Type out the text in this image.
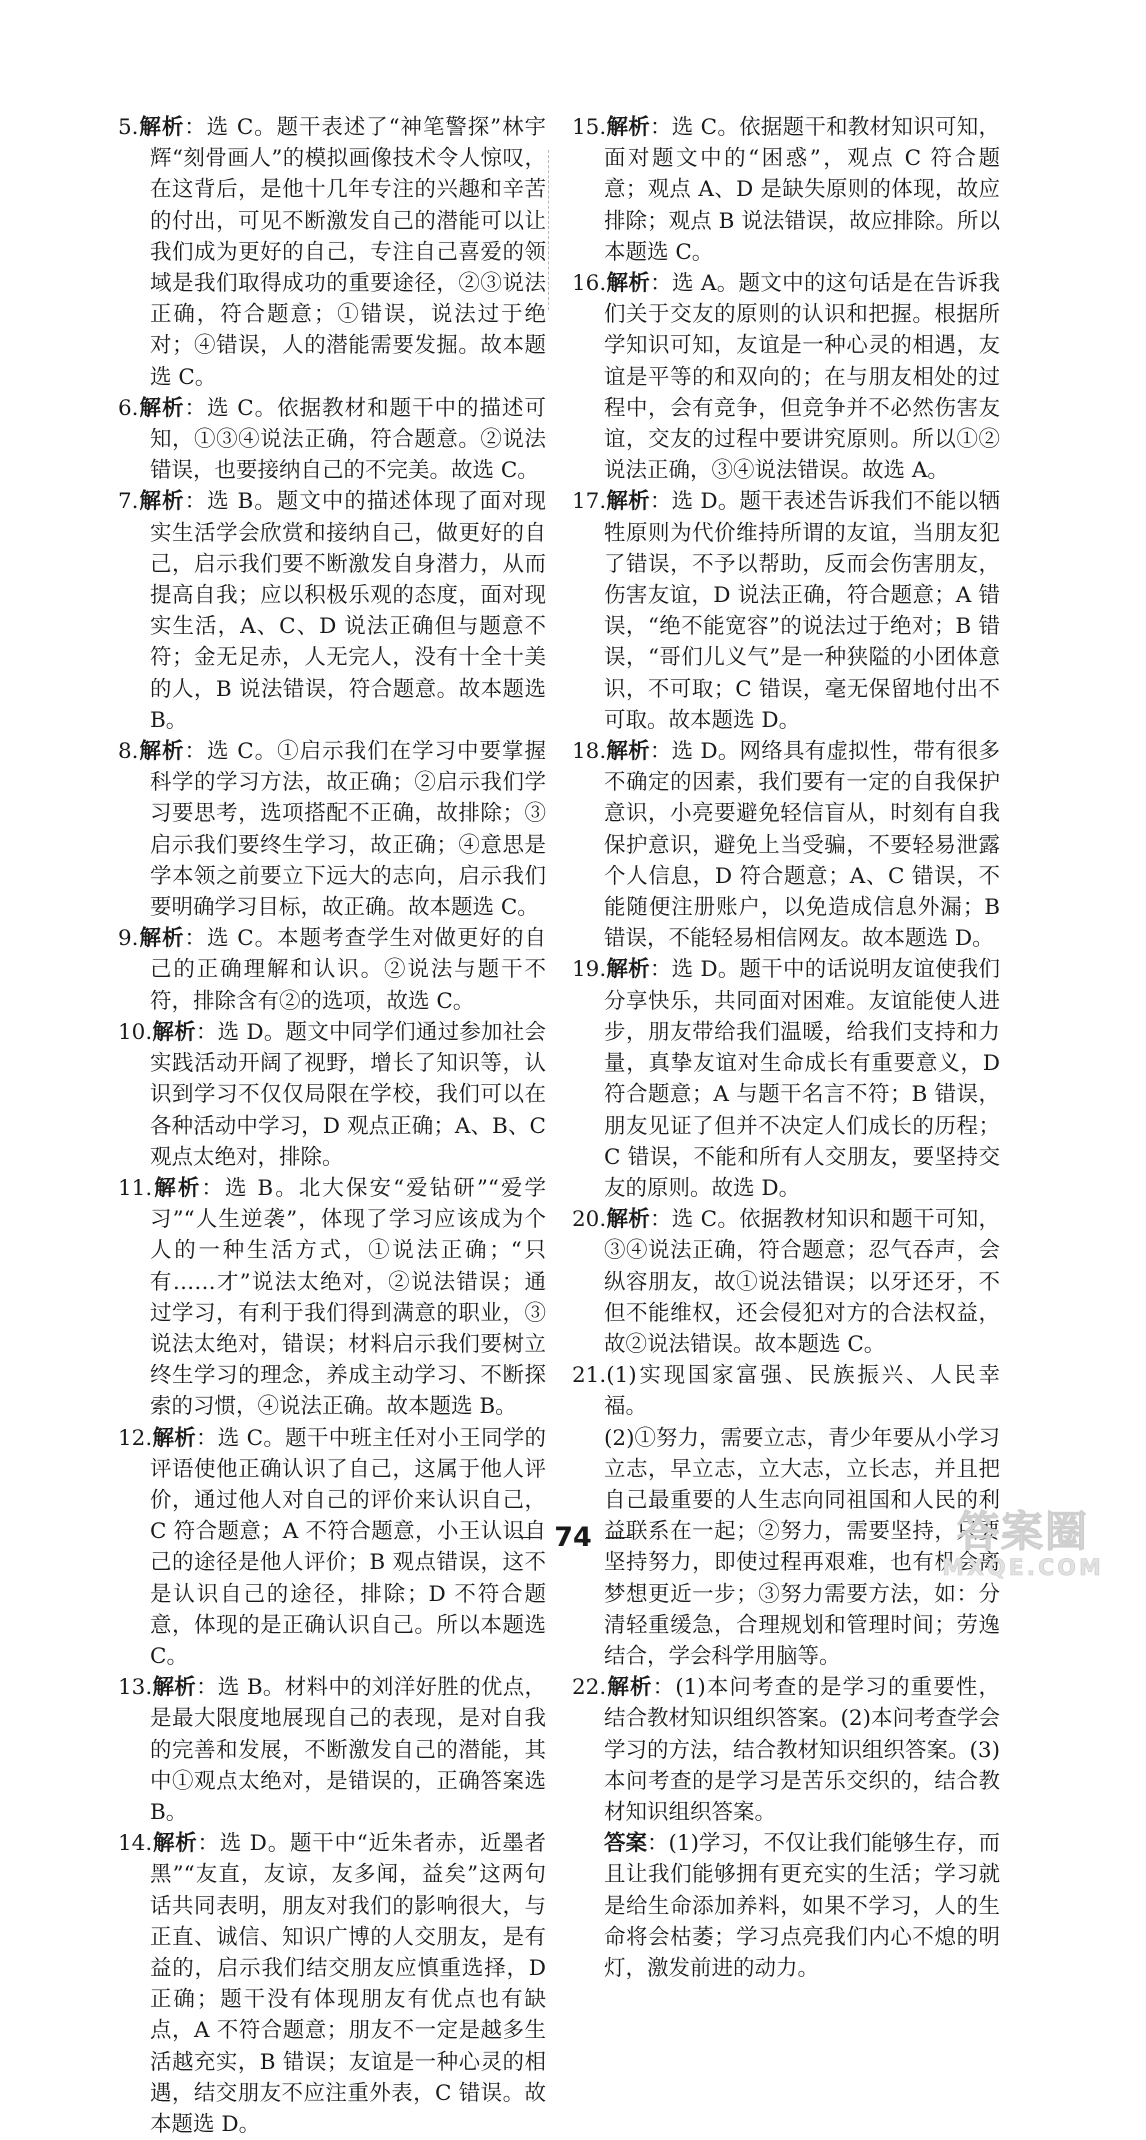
5.解析：选 C。题干表述了“神笔警探”林宇辉“刻骨画人”的模拟画像技术令人惊叹，在这背后，是他十几年专注的兴趣和辛苦的付出，可见不断激发自己的潜能可以让我们成为更好的自己，专注自己喜爱的领域是我们取得成功的重要途径，②③说法正确，符合题意；①错误，说法过于绝对；④错误，人的潜能需要发掘。故本题选 C。

6.解析：选 C。依据教材和题干中的描述可知，①③④说法正确，符合题意。②说法错误，也要接纳自己的不完美。故选 C。

7.解析：选 B。题文中的描述体现了面对现实生活学会欣赏和接纳自己，做更好的自己，启示我们要不断激发自身潜力，从而提高自我；应以积极乐观的态度，面对现实生活，A、C、D 说法正确但与题意不符；金无足赤，人无完人，没有十全十美的人，B 说法错误，符合题意。故本题选 B。

8.解析：选 C。①启示我们在学习中要掌握科学的学习方法，故正确；②启示我们学习要思考，选项搭配不正确，故排除；③启示我们要终生学习，故正确；④意思是学本领之前要立下远大的志向，启示我们要明确学习目标，故正确。故本题选 C。

9.解析：选 C。本题考查学生对做更好的自己的正确理解和认识。②说法与题干不符，排除含有②的选项，故选 C。

10.解析：选 D。题文中同学们通过参加社会实践活动开阔了视野，增长了知识等，认识到学习不仅仅局限在学校，我们可以在各种活动中学习，D 观点正确；A、B、C 观点太绝对，排除。

11.解析：选 B。北大保安“爱钻研”“爱学习”“人生逆袭”，体现了学习应该成为个人的一种生活方式，①说法正确；“只有……才”说法太绝对，②说法错误；通过学习，有利于我们得到满意的职业，③说法太绝对，错误；材料启示我们要树立终生学习的理念，养成主动学习、不断探索的习惯，④说法正确。故本题选 B。

12.解析：选 C。题干中班主任对小王同学的评语使他正确认识了自己，这属于他人评价，通过他人对自己的评价来认识自己，C 符合题意；A 不符合题意，小王认识自己的途径是他人评价；B 观点错误，这不是认识自己的途径，排除；D 不符合题意，体现的是正确认识自己。所以本题选 C。

13.解析：选 B。材料中的刘洋好胜的优点，是最大限度地展现自己的表现，是对自我的完善和发展，不断激发自己的潜能，其中①观点太绝对，是错误的，正确答案选 B。

14.解析：选 D。题干中“近朱者赤，近墨者黑”“友直，友谅，友多闻，益矣”这两句话共同表明，朋友对我们的影响很大，与正直、诚信、知识广博的人交朋友，是有益的，启示我们结交朋友应慎重选择，D 正确；题干没有体现朋友有优点也有缺点，A 不符合题意；朋友不一定是越多生活越充实，B 错误；友谊是一种心灵的相遇，结交朋友不应注重外表，C 错误。故本题选 D。

15.解析：选 C。依据题干和教材知识可知，面对题文中的“困惑”，观点 C 符合题意；观点 A、D 是缺失原则的体现，故应排除；观点 B 说法错误，故应排除。所以本题选 C。

16.解析：选 A。题文中的这句话是在告诉我们关于交友的原则的认识和把握。根据所学知识可知，友谊是一种心灵的相遇，友谊是平等的和双向的；在与朋友相处的过程中，会有竞争，但竞争并不必然伤害友谊，交友的过程中要讲究原则。所以①②说法正确，③④说法错误。故选 A。

17.解析：选 D。题干表述告诉我们不能以牺牲原则为代价维持所谓的友谊，当朋友犯了错误，不予以帮助，反而会伤害朋友，伤害友谊，D 说法正确，符合题意；A 错误，“绝不能宽容”的说法过于绝对；B 错误，“哥们儿义气”是一种狭隘的小团体意识，不可取；C 错误，毫无保留地付出不可取。故本题选 D。

18.解析：选 D。网络具有虚拟性，带有很多不确定的因素，我们要有一定的自我保护意识，小亮要避免轻信盲从，时刻有自我保护意识，避免上当受骗，不要轻易泄露个人信息，D 符合题意；A、C 错误，不能随便注册账户，以免造成信息外漏；B 错误，不能轻易相信网友。故本题选 D。

19.解析：选 D。题干中的话说明友谊使我们分享快乐，共同面对困难。友谊能使人进步，朋友带给我们温暖，给我们支持和力量，真挚友谊对生命成长有重要意义，D 符合题意；A 与题干名言不符；B 错误，朋友见证了但并不决定人们成长的历程；C 错误，不能和所有人交朋友，要坚持交友的原则。故选 D。

20.解析：选 C。依据教材知识和题干可知，③④说法正确，符合题意；忍气吞声，会纵容朋友，故①说法错误；以牙还牙，不但不能维权，还会侵犯对方的合法权益，故②说法错误。故本题选 C。

21.(1)实现国家富强、民族振兴、人民幸福。

(2)①努力，需要立志，青少年要从小学习立志，早立志，立大志，立长志，并且把自己最重要的人生志向同祖国和人民的利益联系在一起；②努力，需要坚持，只要坚持努力，即使过程再艰难，也有机会离梦想更近一步；③努力需要方法，如：分清轻重缓急，合理规划和管理时间；劳逸结合，学会科学用脑等。

22.解析：(1)本问考查的是学习的重要性，结合教材知识组织答案。(2)本问考查学会学习的方法，结合教材知识组织答案。(3)本问考查的是学习是苦乐交织的，结合教材知识组织答案。

答案：(1)学习，不仅让我们能够生存，而且让我们能够拥有更充实的生活；学习就是给生命添加养料，如果不学习，人的生命将会枯萎；学习点亮我们内心不熄的明灯，激发前进的动力。

74	答案圈
MXQE.COM
